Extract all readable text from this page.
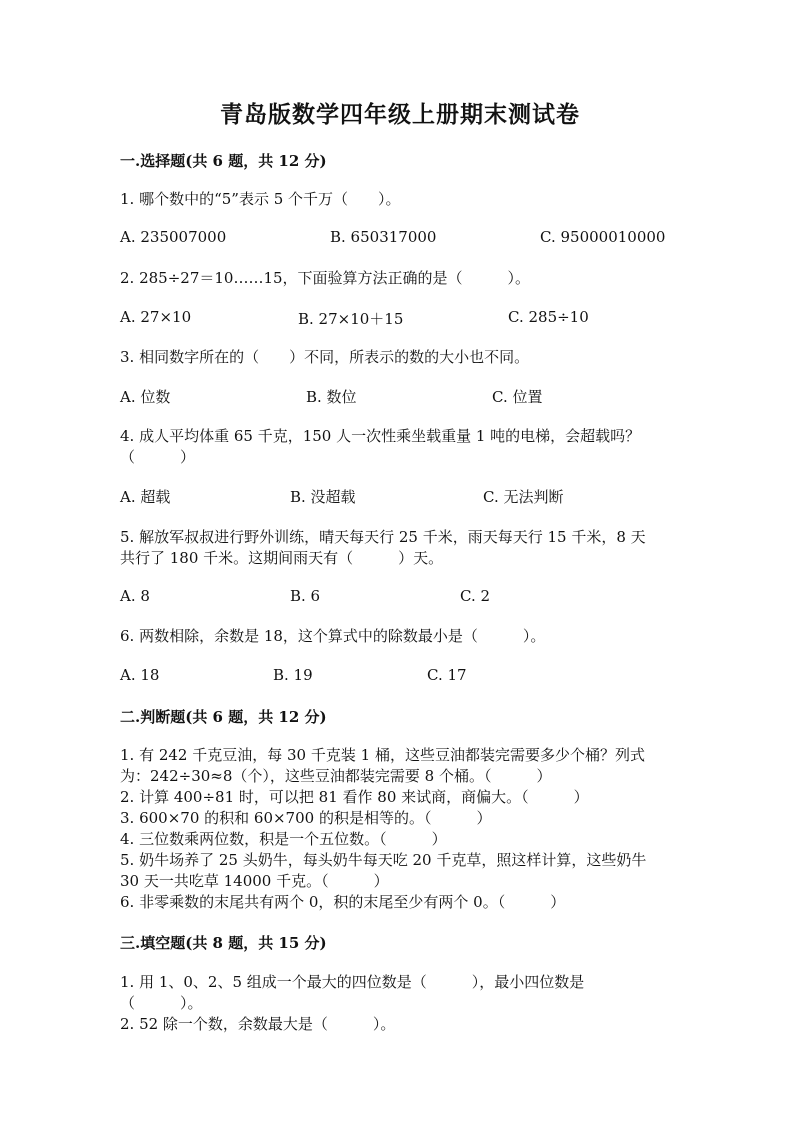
青岛版数学四年级上册期末测试卷
一.选择题(共 6 题，共 12 分)
1. 哪个数中的“5”表示 5 个千万（　　）。
A. 235007000	B. 650317000	C. 95000010000
2. 285÷27＝10……15，下面验算方法正确的是（　　　）。
A. 27×10	B. 27×10＋15	C. 285÷10
3. 相同数字所在的（　　）不同，所表示的数的大小也不同。
A. 位数	B. 数位	C. 位置
4. 成人平均体重 65 千克，150 人一次性乘坐载重量 1 吨的电梯，会超载吗？
（　　　）
A. 超载	B. 没超载	C. 无法判断
5. 解放军叔叔进行野外训练，晴天每天行 25 千米，雨天每天行 15 千米，8 天
共行了 180 千米。这期间雨天有（　　　）天。
A. 8	B. 6	C. 2
6. 两数相除，余数是 18，这个算式中的除数最小是（　　　）。
A. 18	B. 19	C. 17
二.判断题(共 6 题，共 12 分)
1. 有 242 千克豆油，每 30 千克装 1 桶，这些豆油都装完需要多少个桶？列式
为：242÷30≈8（个），这些豆油都装完需要 8 个桶。（　　　）
2. 计算 400÷81 时，可以把 81 看作 80 来试商，商偏大。（　　　）
3. 600×70 的积和 60×700 的积是相等的。（　　　）
4. 三位数乘两位数，积是一个五位数。（　　　）
5. 奶牛场养了 25 头奶牛，每头奶牛每天吃 20 千克草，照这样计算，这些奶牛
30 天一共吃草 14000 千克。（　　　）
6. 非零乘数的末尾共有两个 0，积的末尾至少有两个 0。（　　　）
三.填空题(共 8 题，共 15 分)
1. 用 1、0、2、5 组成一个最大的四位数是（　　　），最小四位数是
（　　　）。
2. 52 除一个数，余数最大是（　　　）。
